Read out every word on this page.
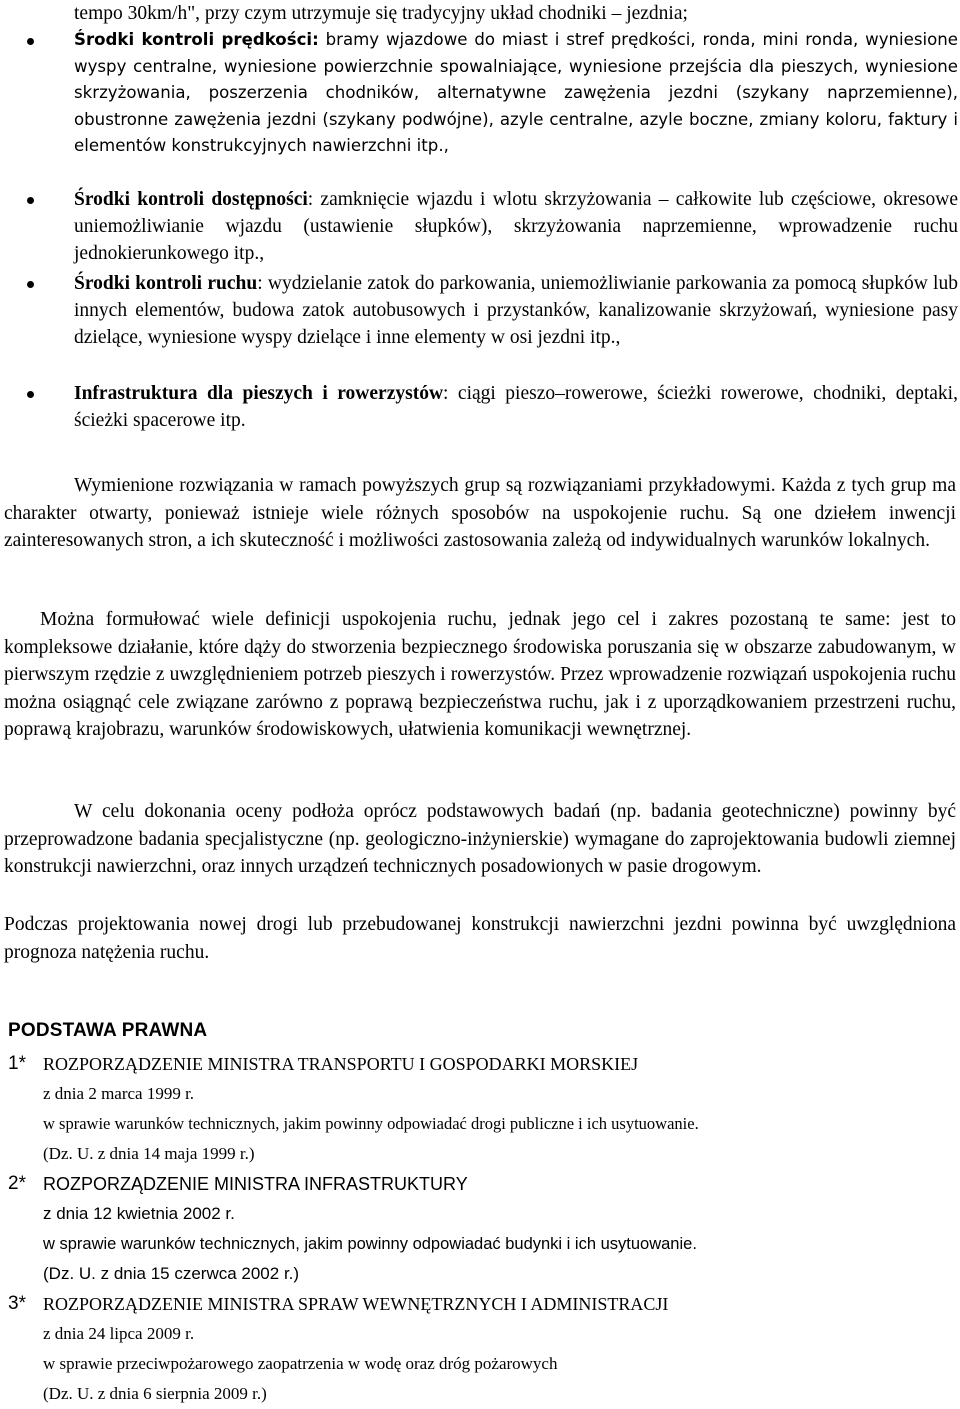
tempo 30km/h", przy czym utrzymuje się tradycyjny układ chodniki – jezdnia;
Środki kontroli prędkości: bramy wjazdowe do miast i stref prędkości, ronda, mini ronda, wyniesione wyspy centralne, wyniesione powierzchnie spowalniające, wyniesione przejścia dla pieszych, wyniesione skrzyżowania, poszerzenia chodników, alternatywne zawężenia jezdni (szykany naprzemienne), obustronne zawężenia jezdni (szykany podwójne), azyle centralne, azyle boczne, zmiany koloru, faktury i elementów konstrukcyjnych nawierzchni itp.,
Środki kontroli dostępności: zamknięcie wjazdu i wlotu skrzyżowania – całkowite lub częściowe, okresowe uniemożliwianie wjazdu (ustawienie słupków), skrzyżowania naprzemienne, wprowadzenie ruchu jednokierunkowego itp.,
Środki kontroli ruchu: wydzielanie zatok do parkowania, uniemożliwianie parkowania za pomocą słupków lub innych elementów, budowa zatok autobusowych i przystanków, kanalizowanie skrzyżowań, wyniesione pasy dzielące, wyniesione wyspy dzielące i inne elementy w osi jezdni itp.,
Infrastruktura dla pieszych i rowerzystów: ciągi pieszo–rowerowe, ścieżki rowerowe, chodniki, deptaki, ścieżki spacerowe itp.
Wymienione rozwiązania w ramach powyższych grup są rozwiązaniami przykładowymi. Każda z tych grup ma charakter otwarty, ponieważ istnieje wiele różnych sposobów na uspokojenie ruchu. Są one dziełem inwencji zainteresowanych stron, a ich skuteczność i możliwości zastosowania zależą od indywidualnych warunków lokalnych.
Można formułować wiele definicji uspokojenia ruchu, jednak jego cel i zakres pozostaną te same: jest to kompleksowe działanie, które dąży do stworzenia bezpiecznego środowiska poruszania się w obszarze zabudowanym, w pierwszym rzędzie z uwzględnieniem potrzeb pieszych i rowerzystów. Przez wprowadzenie rozwiązań uspokojenia ruchu można osiągnąć cele związane zarówno z poprawą bezpieczeństwa ruchu, jak i z uporządkowaniem przestrzeni ruchu, poprawą krajobrazu, warunków środowiskowych, ułatwienia komunikacji wewnętrznej.
W celu dokonania oceny podłoża oprócz podstawowych badań (np. badania geotechniczne) powinny być przeprowadzone badania specjalistyczne (np. geologiczno-inżynierskie) wymagane do zaprojektowania budowli ziemnej konstrukcji nawierzchni, oraz innych urządzeń technicznych posadowionych w pasie drogowym.
Podczas projektowania nowej drogi lub przebudowanej konstrukcji nawierzchni jezdni powinna być uwzględniona prognoza natężenia ruchu.
PODSTAWA PRAWNA
1* ROZPORZĄDZENIE MINISTRA TRANSPORTU I GOSPODARKI MORSKIEJ
z dnia 2 marca 1999 r.
w sprawie warunków technicznych, jakim powinny odpowiadać drogi publiczne i ich usytuowanie.
(Dz. U. z dnia 14 maja 1999 r.)
2* ROZPORZĄDZENIE MINISTRA INFRASTRUKTURY
z dnia 12 kwietnia 2002 r.
w sprawie warunków technicznych, jakim powinny odpowiadać budynki i ich usytuowanie.
(Dz. U. z dnia 15 czerwca 2002 r.)
3* ROZPORZĄDZENIE MINISTRA SPRAW WEWNĘTRZNYCH I ADMINISTRACJI
z dnia 24 lipca 2009 r.
w sprawie przeciwpożarowego zaopatrzenia w wodę oraz dróg pożarowych
(Dz. U. z dnia 6 sierpnia 2009 r.)
